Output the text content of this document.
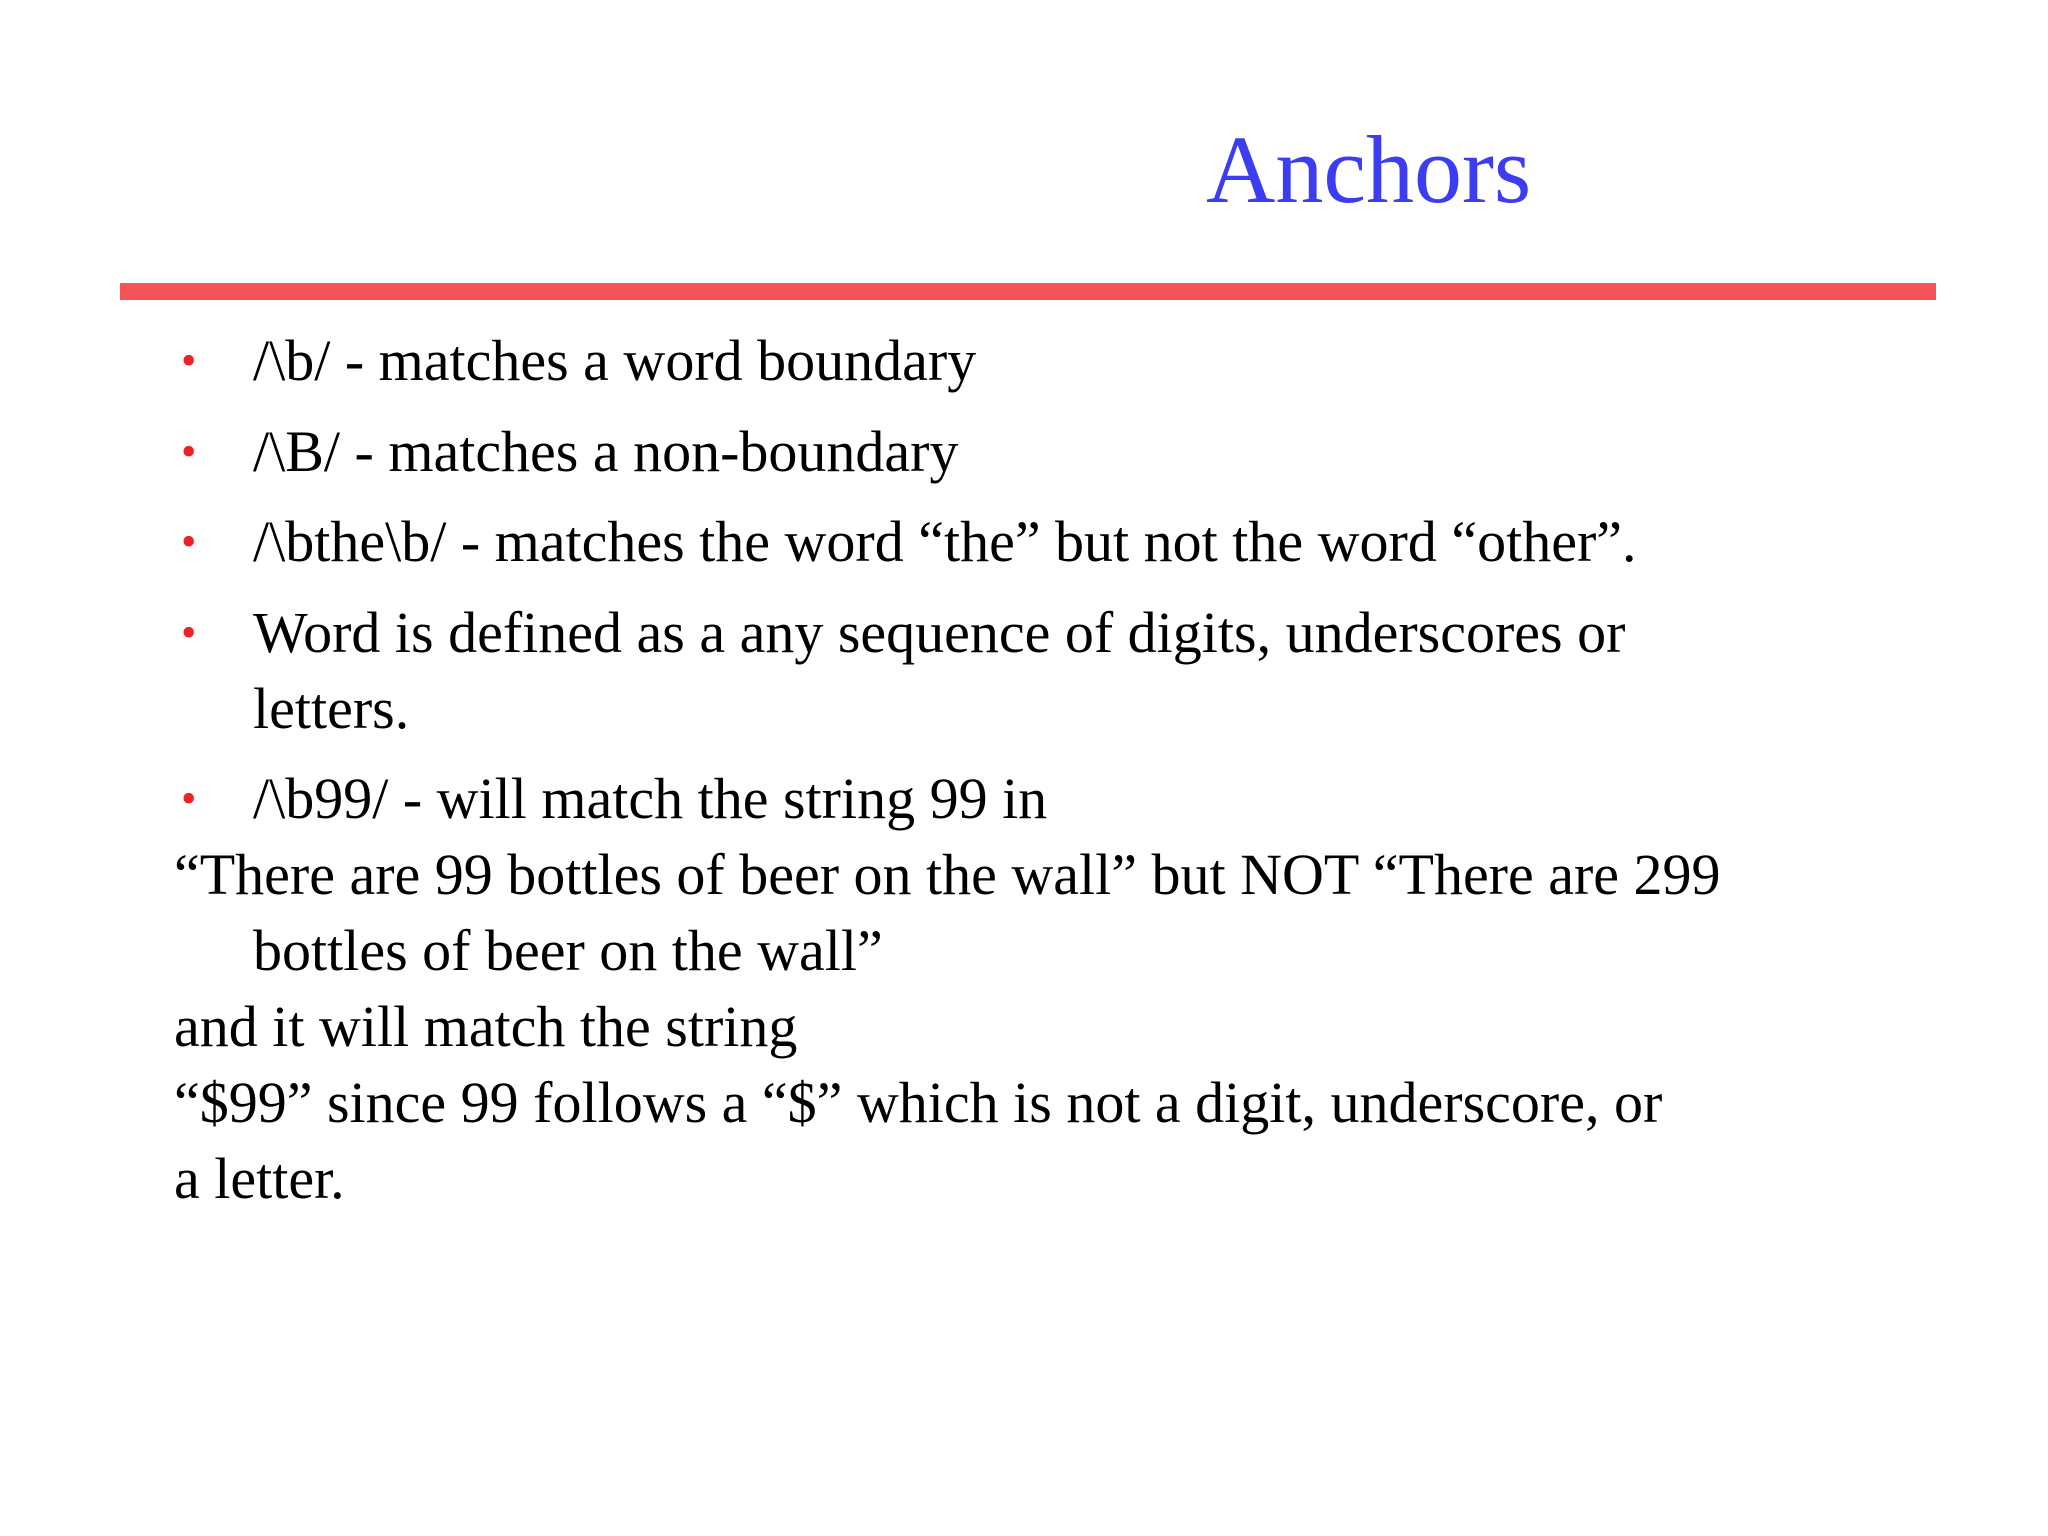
Anchors
• /\b/ - matches a word boundary
• /\B/ - matches a non-boundary
• /\bthe\b/ - matches the word “the” but not the word “other”.
• Word is defined as a any sequence of digits, underscores or
letters.
• /\b99/ - will match the string 99 in
“There are 99 bottles of beer on the wall” but NOT “There are 299
bottles of beer on the wall”
and it will match the string
“$99” since 99 follows a “$” which is not a digit, underscore, or
a letter.
